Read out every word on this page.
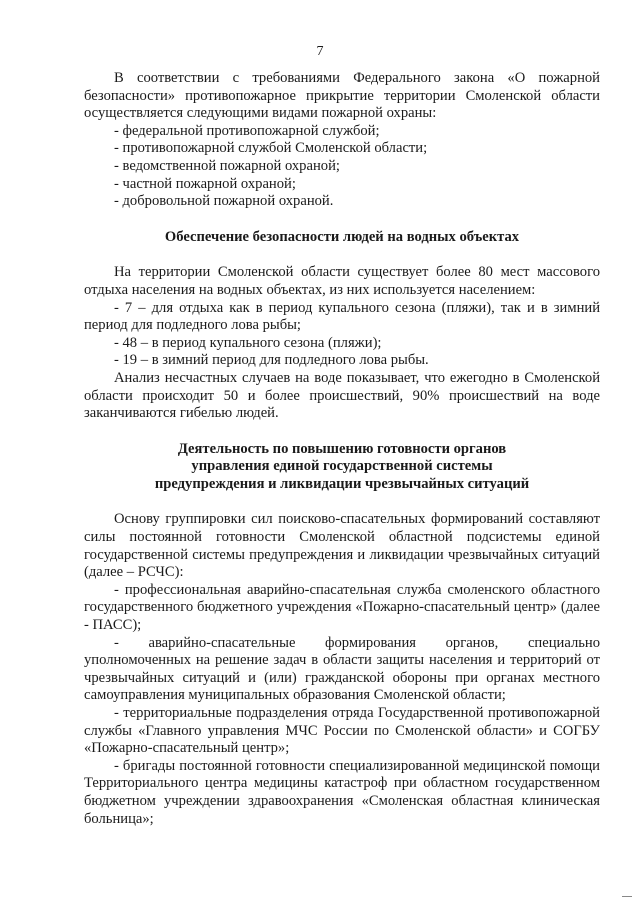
7

В соответствии с требованиями Федерального закона «О пожарной безопасности» противопожарное прикрытие территории Смоленской области осуществляется следующими видами пожарной охраны:

- федеральной противопожарной службой;

- противопожарной службой Смоленской области;

- ведомственной пожарной охраной;

- частной пожарной охраной;

- добровольной пожарной охраной.

Обеспечение безопасности людей на водных объектах

На территории Смоленской области существует более 80 мест массового отдыха населения на водных объектах, из них используется населением:

- 7 – для отдыха как в период купального сезона (пляжи), так и в зимний период для подледного лова рыбы;

- 48 – в период купального сезона (пляжи);

- 19 – в зимний период для подледного лова рыбы.

Анализ несчастных случаев на воде показывает, что ежегодно в Смоленской области происходит 50 и более происшествий, 90% происшествий на воде заканчиваются гибелью людей.

Деятельность по повышению готовности органов

управления единой государственной системы

предупреждения и ликвидации чрезвычайных ситуаций

Основу группировки сил поисково-спасательных формирований составляют силы постоянной готовности Смоленской областной подсистемы единой государственной системы предупреждения и ликвидации чрезвычайных ситуаций (далее – РСЧС):

- профессиональная аварийно-спасательная служба смоленского областного государственного бюджетного учреждения «Пожарно-спасательный центр» (далее - ПАСС);

- аварийно-спасательные формирования органов, специально уполномоченных на решение задач в области защиты населения и территорий от чрезвычайных ситуаций и (или) гражданской обороны при органах местного самоуправления муниципальных образования Смоленской области;

- территориальные подразделения отряда Государственной противопожарной службы «Главного управления МЧС России по Смоленской области» и СОГБУ «Пожарно-спасательный центр»;

- бригады постоянной готовности специализированной медицинской помощи Территориального центра медицины катастроф при областном государственном бюджетном учреждении здравоохранения «Смоленская областная клиническая больница»;
